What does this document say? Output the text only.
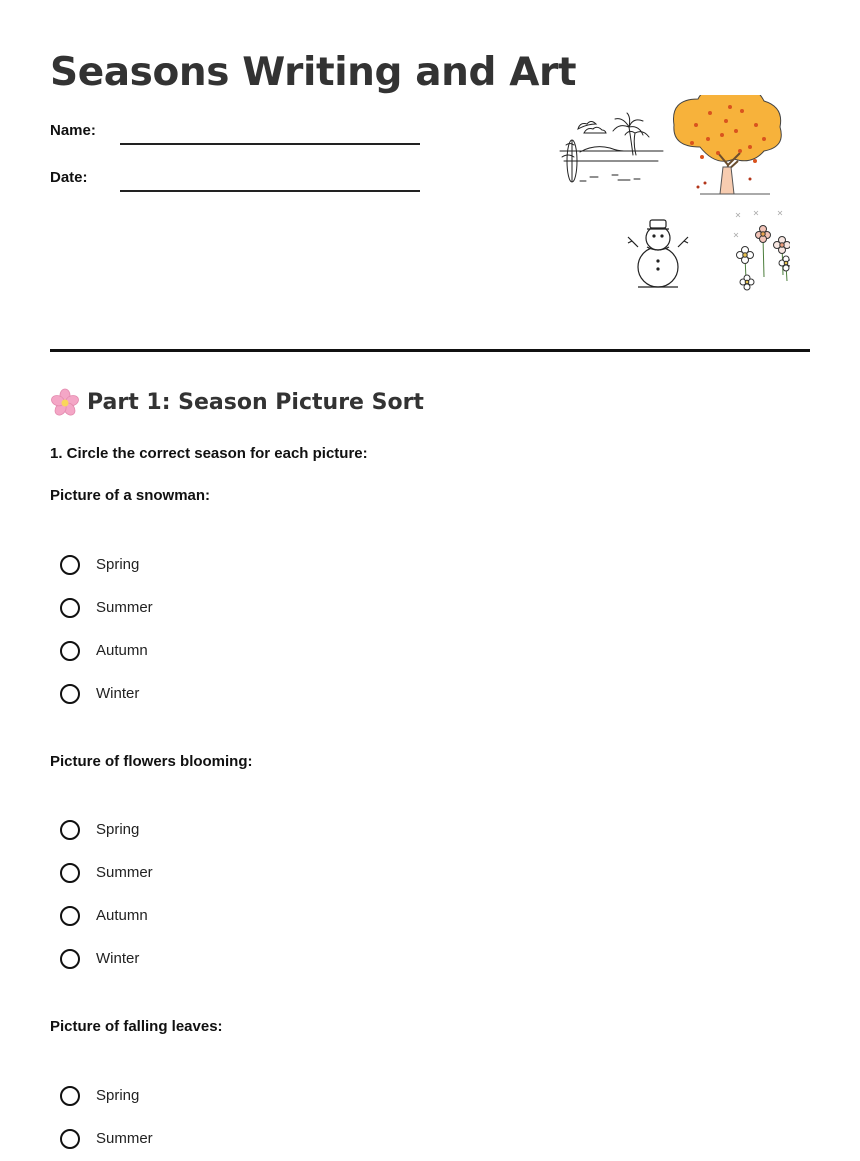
Seasons Writing and Art
Name:
Date:
Part 1: Season Picture Sort
1. Circle the correct season for each picture:
Picture of a snowman:
Spring
Summer
Autumn
Winter
Picture of flowers blooming:
Spring
Summer
Autumn
Winter
Picture of falling leaves:
Spring
Summer
